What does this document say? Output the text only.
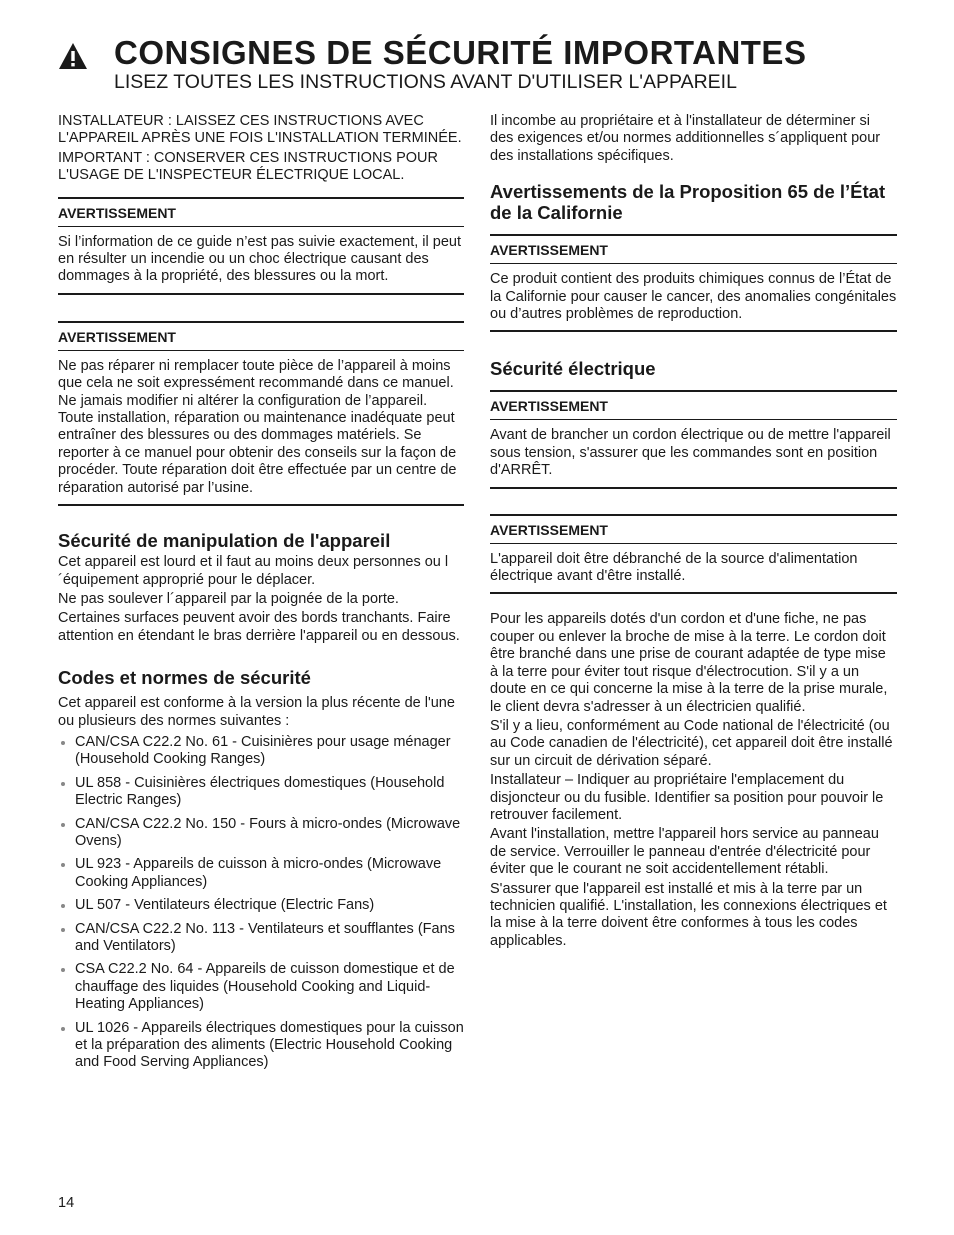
CONSIGNES DE SÉCURITÉ IMPORTANTES
LISEZ TOUTES LES INSTRUCTIONS AVANT D'UTILISER L'APPAREIL

INSTALLATEUR : LAISSEZ CES INSTRUCTIONS AVEC L'APPAREIL APRÈS UNE FOIS L'INSTALLATION TERMINÉE.

IMPORTANT : CONSERVER CES INSTRUCTIONS POUR L'USAGE DE L'INSPECTEUR ÉLECTRIQUE LOCAL.

AVERTISSEMENT
Si l’information de ce guide n’est pas suivie exactement, il peut en résulter un incendie ou un choc électrique causant des dommages à la propriété, des blessures ou la mort.
AVERTISSEMENT
Ne pas réparer ni remplacer toute pièce de l’appareil à moins que cela ne soit expressément recommandé dans ce manuel. Ne jamais modifier ni altérer la configuration de l’appareil. Toute installation, réparation ou maintenance inadéquate peut entraîner des blessures ou des dommages matériels. Se reporter à ce manuel pour obtenir des conseils sur la façon de procéder. Toute réparation doit être effectuée par un centre de réparation autorisé par l’usine.
Sécurité de manipulation de l'appareil

Cet appareil est lourd et il faut au moins deux personnes ou l´équipement approprié pour le déplacer.

Ne pas soulever l´appareil par la poignée de la porte.

Certaines surfaces peuvent avoir des bords tranchants. Faire attention en étendant le bras derrière l'appareil ou en dessous.

Codes et normes de sécurité

Cet appareil est conforme à la version la plus récente de l'une ou plusieurs des normes suivantes :

CAN/CSA C22.2 No. 61 - Cuisinières pour usage ménager (Household Cooking Ranges)
UL 858 - Cuisinières électriques domestiques (Household Electric Ranges)
CAN/CSA C22.2 No. 150 - Fours à micro-ondes (Microwave Ovens)
UL 923 - Appareils de cuisson à micro-ondes (Microwave Cooking Appliances)
UL 507 - Ventilateurs électrique (Electric Fans)
CAN/CSA C22.2 No. 113 - Ventilateurs et soufflantes (Fans and Ventilators)
CSA C22.2 No. 64 - Appareils de cuisson domestique et de chauffage des liquides (Household Cooking and Liquid-Heating Appliances)
UL 1026 - Appareils électriques domestiques pour la cuisson et la préparation des aliments (Electric Household Cooking and Food Serving Appliances)

Il incombe au propriétaire et à l'installateur de déterminer si des exigences et/ou normes additionnelles s´appliquent pour des installations spécifiques.

Avertissements de la Proposition 65 de l’État de la Californie
AVERTISSEMENT
Ce produit contient des produits chimiques connus de l’État de la Californie pour causer le cancer, des anomalies congénitales ou d’autres problèmes de reproduction.
Sécurité électrique
AVERTISSEMENT
Avant de brancher un cordon électrique ou de mettre l'appareil sous tension, s'assurer que les commandes sont en position d'ARRÊT.
AVERTISSEMENT
L'appareil doit être débranché de la source d'alimentation électrique avant d'être installé.

Pour les appareils dotés d'un cordon et d'une fiche, ne pas couper ou enlever la broche de mise à la terre. Le cordon doit être branché dans une prise de courant adaptée de type mise à la terre pour éviter tout risque d'électrocution. S'il y a un doute en ce qui concerne la mise à la terre de la prise murale, le client devra s'adresser à un électricien qualifié.

S'il y a lieu, conformément au Code national de l'électricité (ou au Code canadien de l'électricité), cet appareil doit être installé sur un circuit de dérivation séparé.

Installateur – Indiquer au propriétaire l'emplacement du disjoncteur ou du fusible. Identifier sa position pour pouvoir le retrouver facilement.

Avant l'installation, mettre l'appareil hors service au panneau de service. Verrouiller le panneau d'entrée d'électricité pour éviter que le courant ne soit accidentellement rétabli.

S'assurer que l'appareil est installé et mis à la terre par un technicien qualifié. L'installation, les connexions électriques et la mise à la terre doivent être conformes à tous les codes applicables.

14
